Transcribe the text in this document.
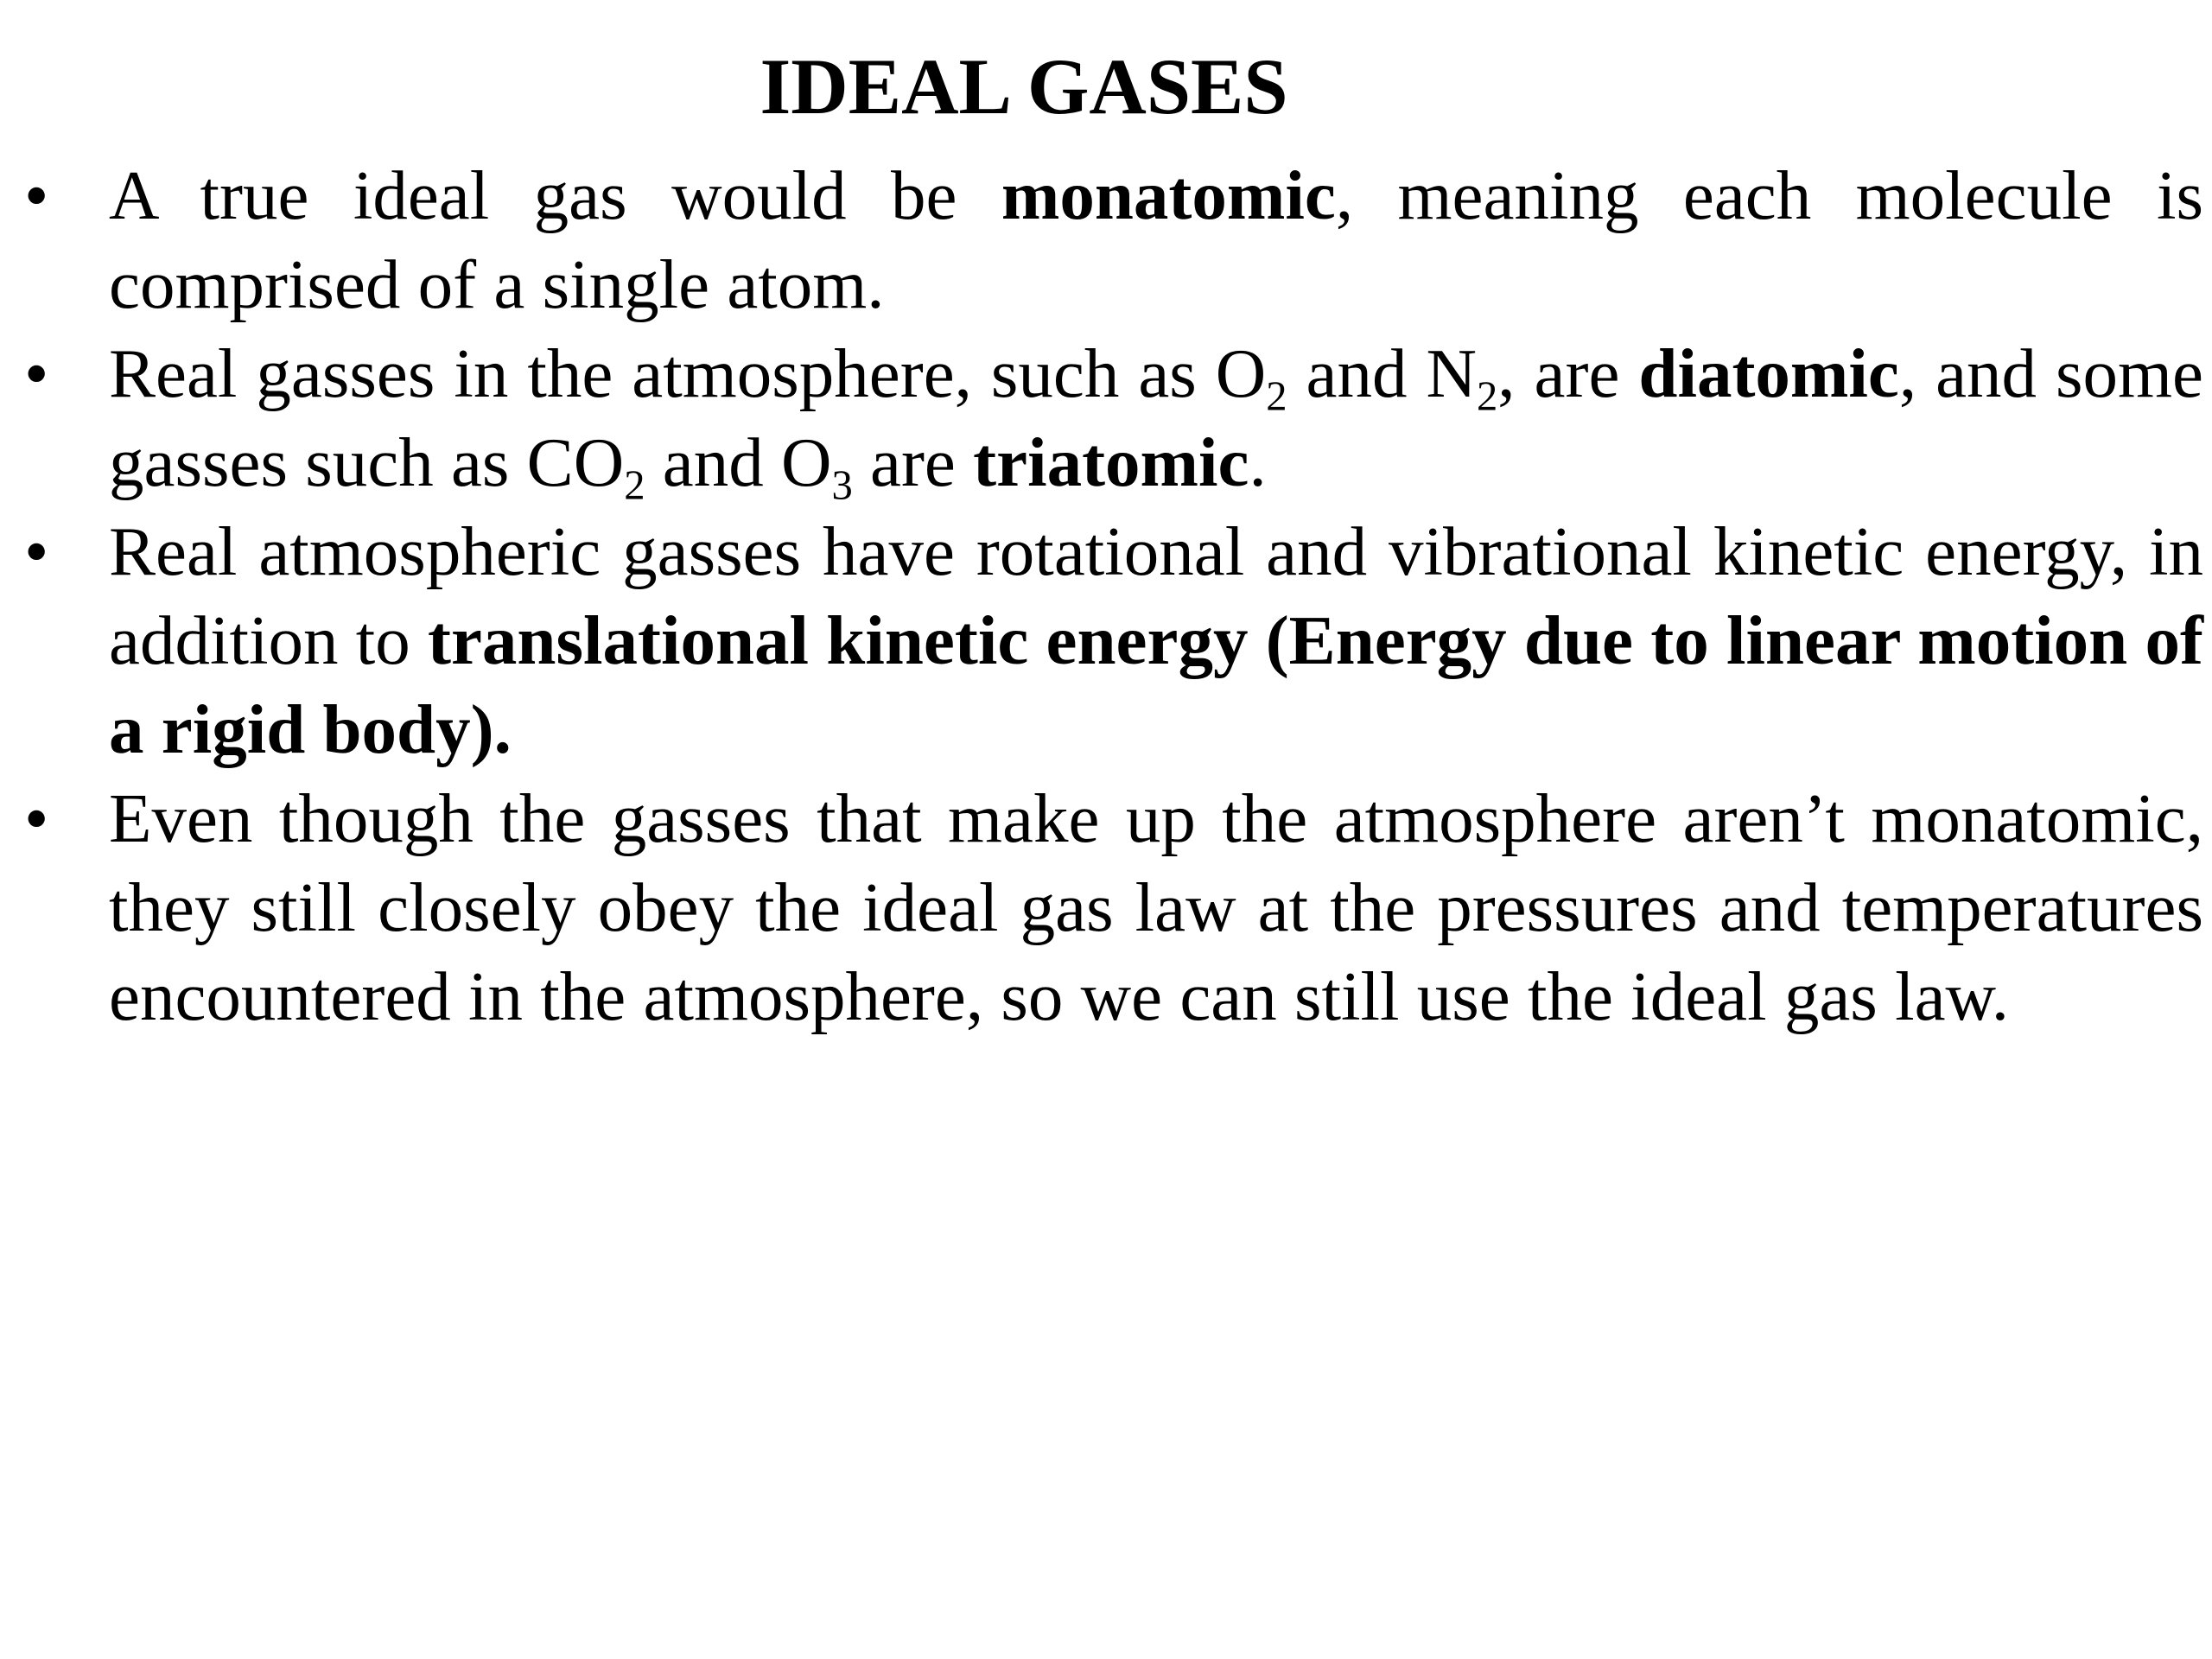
IDEAL GASES
• A true ideal gas would be monatomic, meaning each molecule is comprised of a single atom.
• Real gasses in the atmosphere, such as $O_2$ and $N_2$, are diatomic, and some gasses such as $CO_2$ and $O_3$ are triatomic.
• Real atmospheric gasses have rotational and vibrational kinetic energy, in addition to translational kinetic energy (Energy due to linear motion of a rigid body).
• Even though the gasses that make up the atmosphere aren’t monatomic, they still closely obey the ideal gas law at the pressures and temperatures encountered in the atmosphere, so we can still use the ideal gas law.
